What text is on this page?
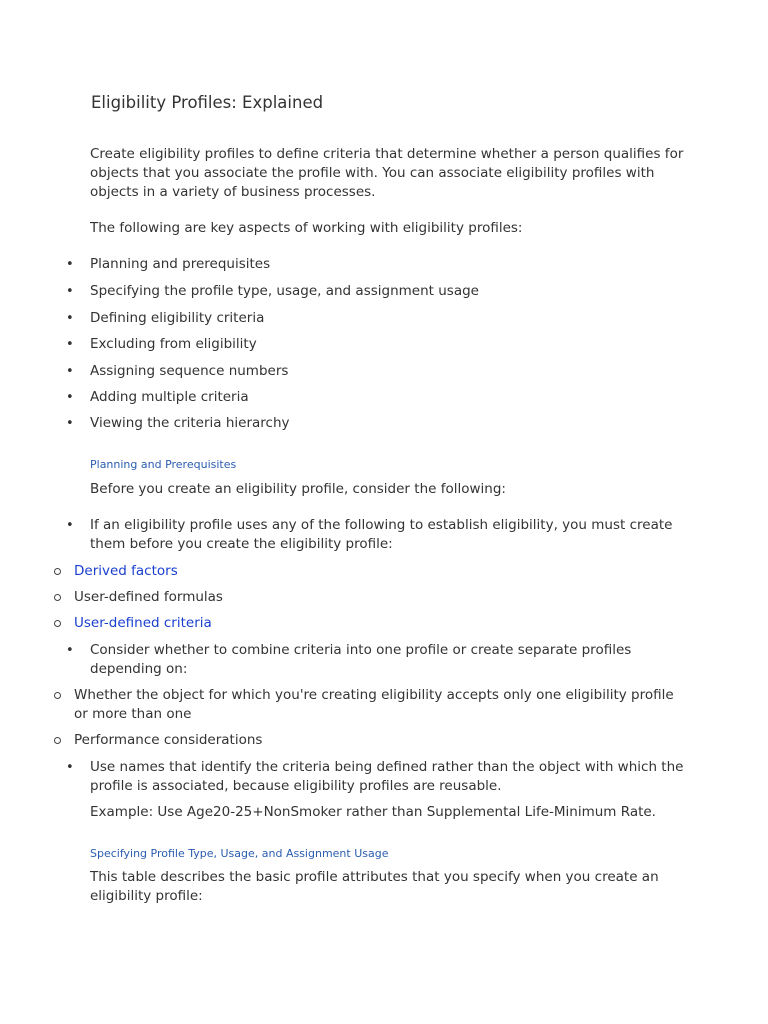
Eligibility Profiles: Explained

Create eligibility profiles to define criteria that determine whether a person qualifies for objects that you associate the profile with. You can associate eligibility profiles with objects in a variety of business processes.

The following are key aspects of working with eligibility profiles:

• Planning and prerequisites
• Specifying the profile type, usage, and assignment usage
• Defining eligibility criteria
• Excluding from eligibility
• Assigning sequence numbers
• Adding multiple criteria
• Viewing the criteria hierarchy
Planning and Prerequisites

Before you create an eligibility profile, consider the following:

• If an eligibility profile uses any of the following to establish eligibility, you must create them before you create the eligibility profile:
Derived factors
User-defined formulas
User-defined criteria
• Consider whether to combine criteria into one profile or create separate profiles depending on:
Whether the object for which you're creating eligibility accepts only one eligibility profile or more than one
Performance considerations
• Use names that identify the criteria being defined rather than the object with which the profile is associated, because eligibility profiles are reusable.

Example: Use Age20-25+NonSmoker rather than Supplemental Life-Minimum Rate.

Specifying Profile Type, Usage, and Assignment Usage

This table describes the basic profile attributes that you specify when you create an eligibility profile:
